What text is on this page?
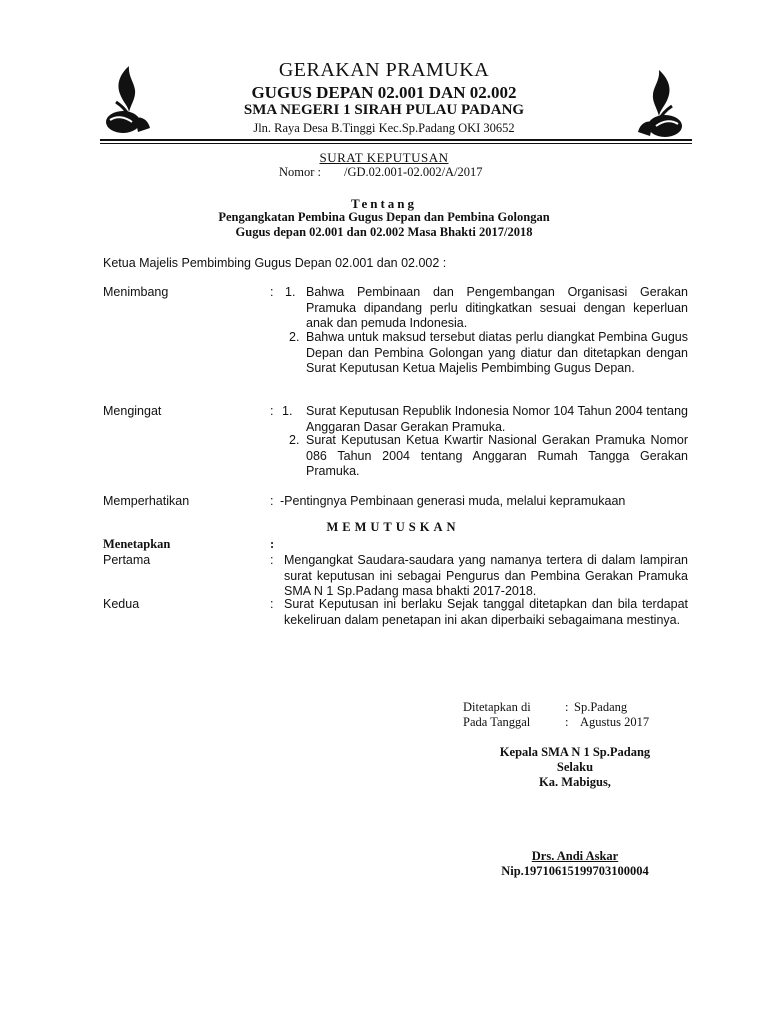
GERAKAN PRAMUKA
GUGUS DEPAN 02.001 DAN 02.002
SMA NEGERI 1 SIRAH PULAU PADANG
Jln. Raya Desa B.Tinggi Kec.Sp.Padang OKI 30652
SURAT KEPUTUSAN
Nomor : /GD.02.001-02.002/A/2017
Tentang
Pengangkatan Pembina Gugus Depan dan Pembina Golongan
Gugus depan 02.001 dan 02.002 Masa Bhakti 2017/2018
Ketua Majelis Pembimbing Gugus Depan 02.001 dan 02.002 :
Menimbang	: 1. Bahwa Pembinaan dan Pengembangan Organisasi Gerakan Pramuka dipandang perlu ditingkatkan sesuai dengan keperluan anak dan pemuda Indonesia.
2. Bahwa untuk maksud tersebut diatas perlu diangkat Pembina Gugus Depan dan Pembina Golongan yang diatur dan ditetapkan dengan Surat Keputusan Ketua Majelis Pembimbing Gugus Depan.
Mengingat	: 1. Surat Keputusan Republik Indonesia Nomor 104 Tahun 2004 tentang Anggaran Dasar Gerakan Pramuka.
2. Surat Keputusan Ketua Kwartir Nasional Gerakan Pramuka Nomor 086 Tahun 2004 tentang Anggaran Rumah Tangga Gerakan Pramuka.
Memperhatikan	: -Pentingnya Pembinaan generasi muda, melalui kepramukaan
MEMUTUSKAN
Menetapkan	:
Pertama	: Mengangkat Saudara-saudara yang namanya tertera di dalam lampiran surat keputusan ini sebagai Pengurus dan Pembina Gerakan Pramuka SMA N 1 Sp.Padang masa bhakti 2017-2018.
Kedua	: Surat Keputusan ini berlaku Sejak tanggal ditetapkan dan bila terdapat kekeliruan dalam penetapan ini akan diperbaiki sebagaimana mestinya.
Ditetapkan di	: Sp.Padang
Pada Tanggal	: Agustus 2017
Kepala SMA N 1 Sp.Padang
Selaku
Ka. Mabigus,
Drs. Andi Askar
Nip.19710615199703100004
